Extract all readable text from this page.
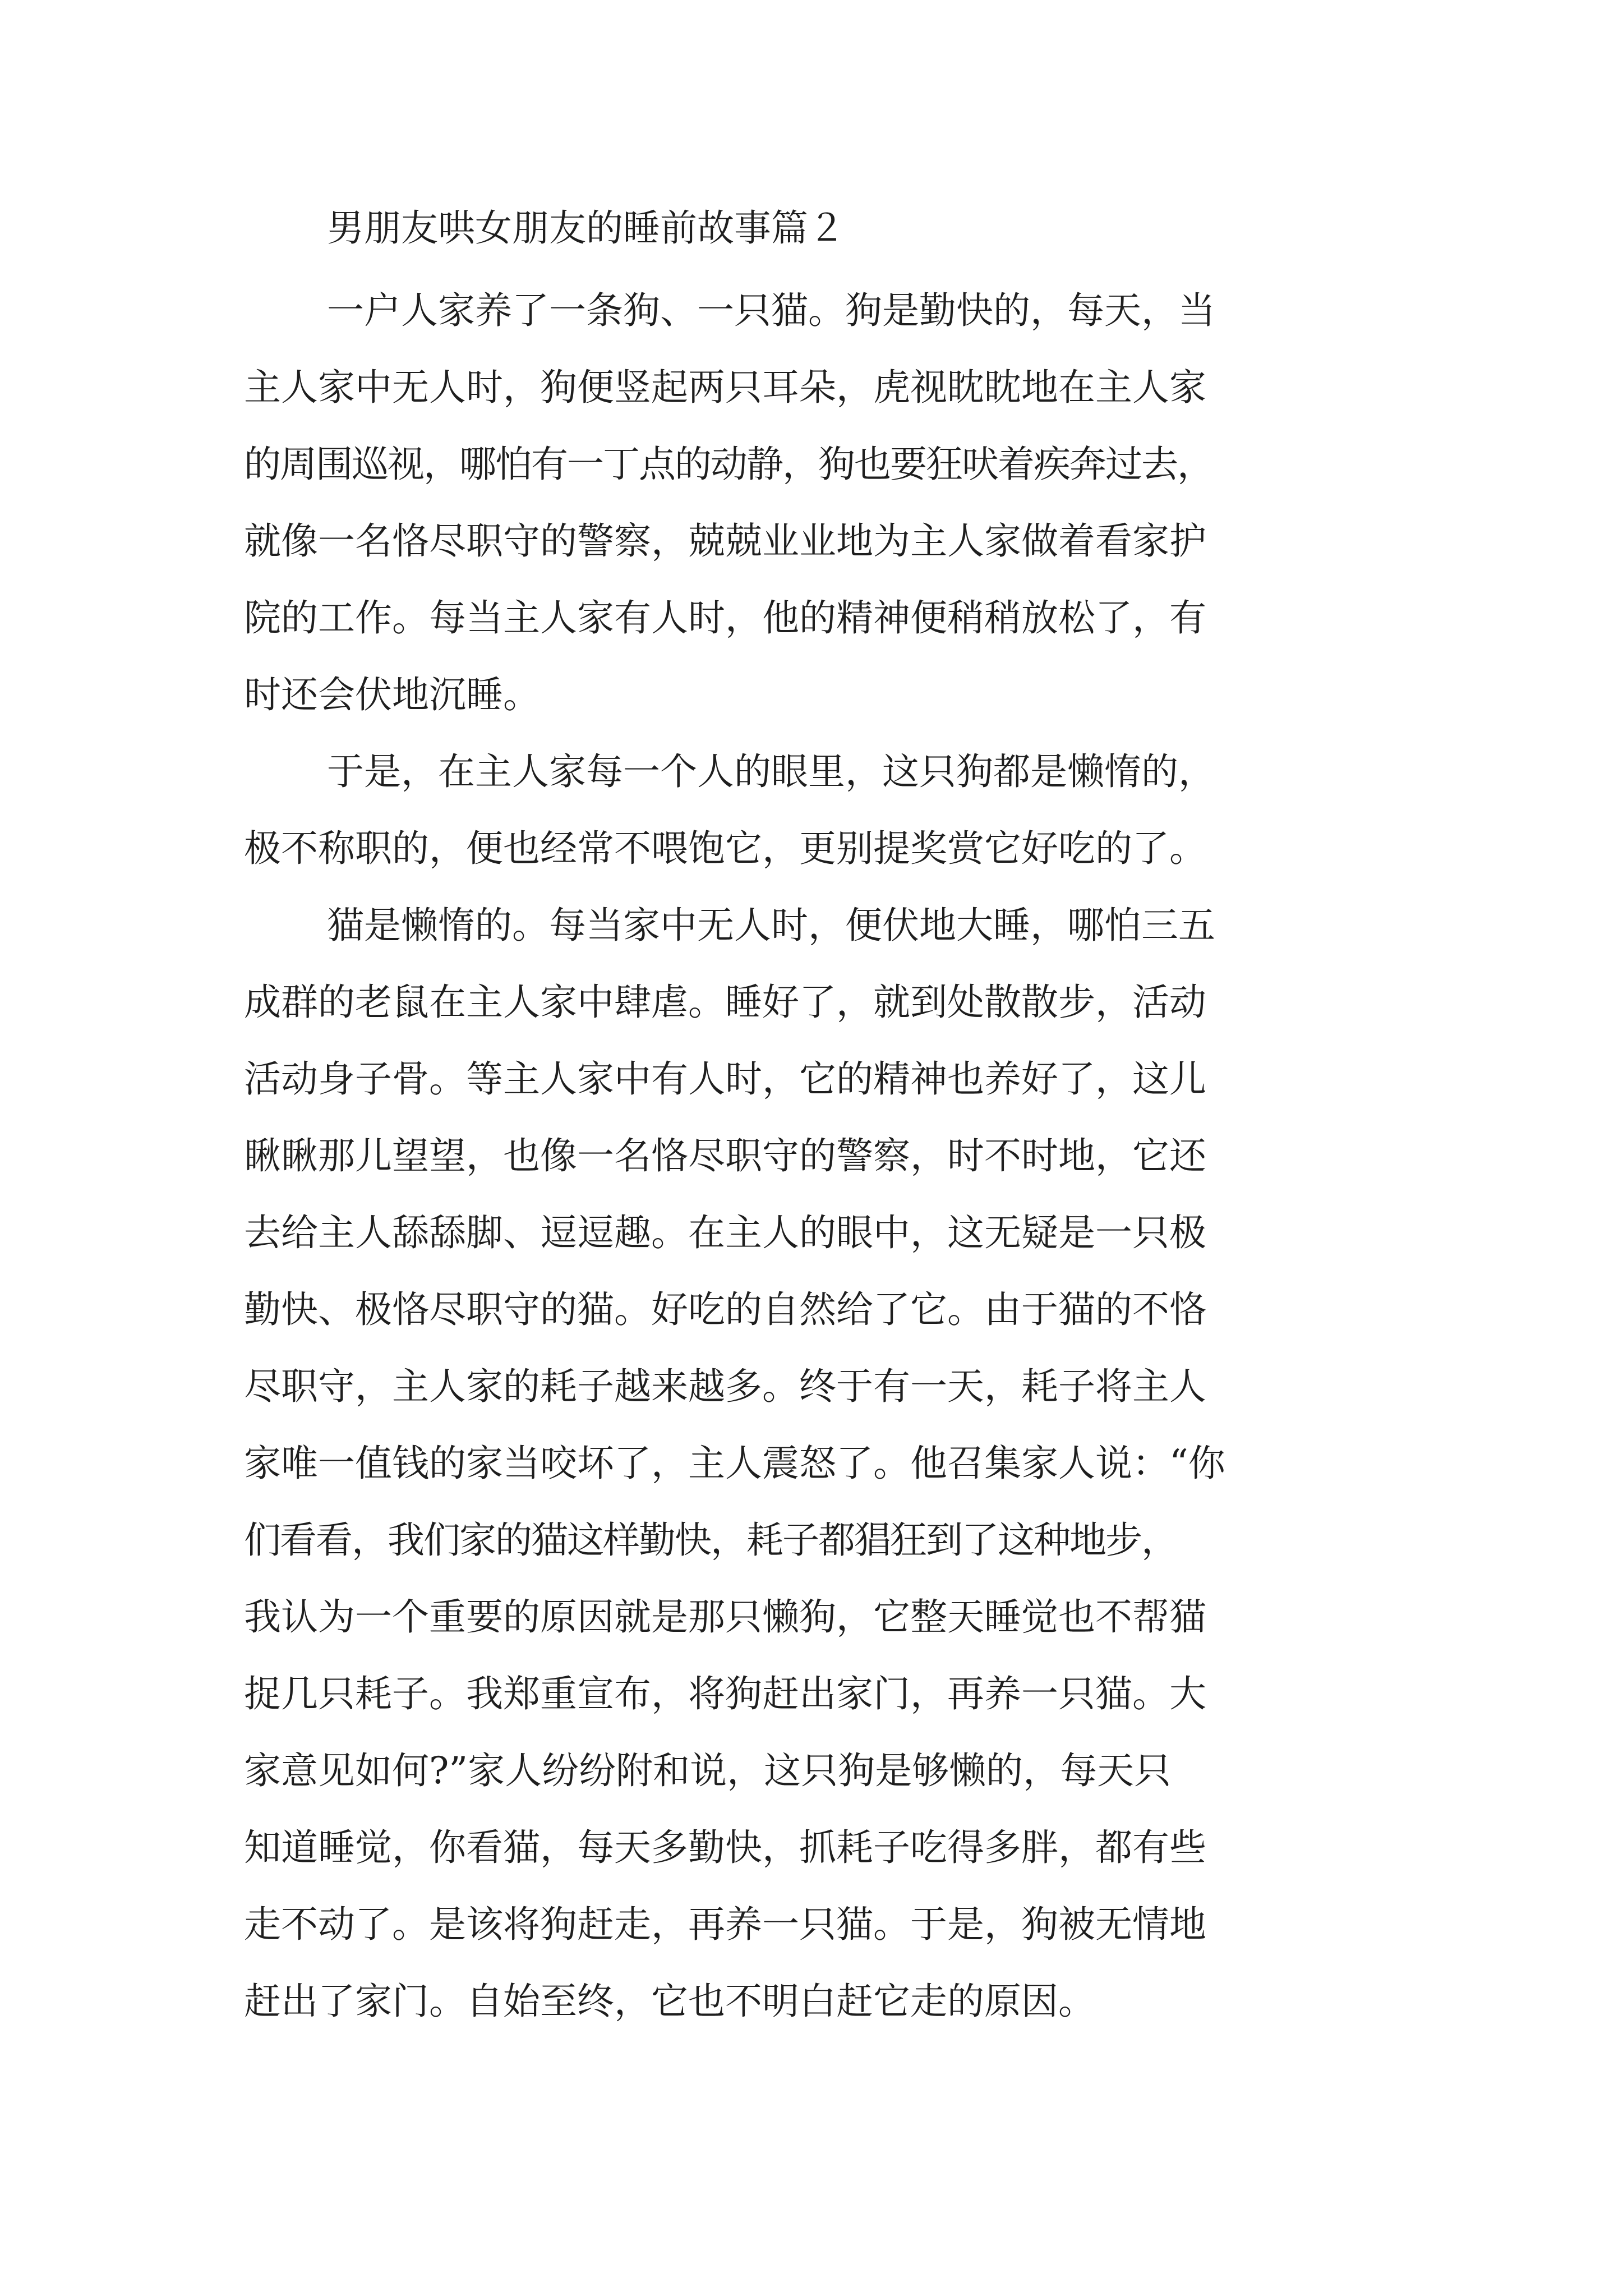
男朋友哄女朋友的睡前故事篇２
一户人家养了一条狗、一只猫。狗是勤快的，每天，当
主人家中无人时，狗便竖起两只耳朵，虎视眈眈地在主人家
的周围巡视，哪怕有一丁点的动静，狗也要狂吠着疾奔过去，
就像一名恪尽职守的警察，兢兢业业地为主人家做着看家护
院的工作。每当主人家有人时，他的精神便稍稍放松了，有
时还会伏地沉睡。
于是，在主人家每一个人的眼里，这只狗都是懒惰的，
极不称职的，便也经常不喂饱它，更别提奖赏它好吃的了。
猫是懒惰的。每当家中无人时，便伏地大睡，哪怕三五
成群的老鼠在主人家中肆虐。睡好了，就到处散散步，活动
活动身子骨。等主人家中有人时，它的精神也养好了，这儿
瞅瞅那儿望望，也像一名恪尽职守的警察，时不时地，它还
去给主人舔舔脚、逗逗趣。在主人的眼中，这无疑是一只极
勤快、极恪尽职守的猫。好吃的自然给了它。由于猫的不恪
尽职守，主人家的耗子越来越多。终于有一天，耗子将主人
家唯一值钱的家当咬坏了，主人震怒了。他召集家人说：“你
们看看，我们家的猫这样勤快，耗子都猖狂到了这种地步，
我认为一个重要的原因就是那只懒狗，它整天睡觉也不帮猫
捉几只耗子。我郑重宣布，将狗赶出家门，再养一只猫。大
家意见如何?”家人纷纷附和说，这只狗是够懒的，每天只
知道睡觉，你看猫，每天多勤快，抓耗子吃得多胖，都有些
走不动了。是该将狗赶走，再养一只猫。于是，狗被无情地
赶出了家门。自始至终，它也不明白赶它走的原因。
